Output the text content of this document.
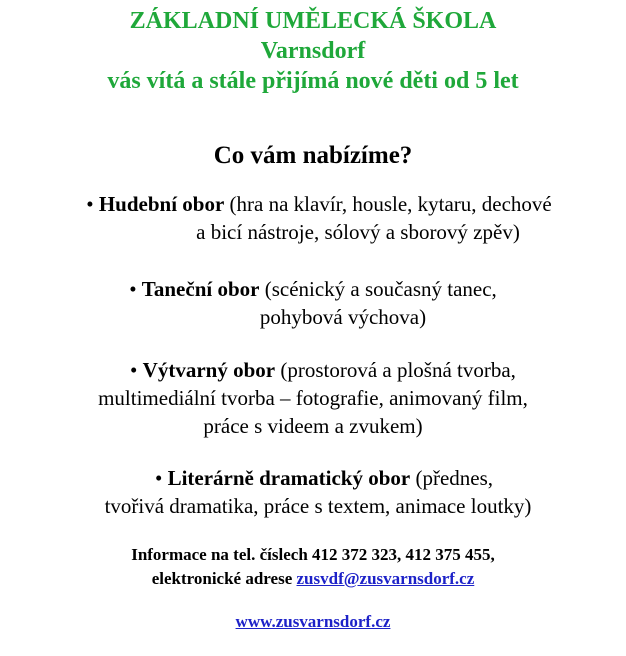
ZÁKLADNÍ UMĚLECKÁ ŠKOLA
Varnsdorf
vás vítá a stále přijímá nové děti od 5 let
Co vám nabízíme?
• Hudební obor (hra na klavír, housle, kytaru, dechové
a bicí nástroje, sólový a sborový zpěv)
• Taneční obor (scénický a současný tanec,
pohybová výchova)
• Výtvarný obor (prostorová a plošná tvorba,
multimediální tvorba – fotografie, animovaný film,
práce s videem a zvukem)
• Literárně dramatický obor (přednes,
tvořivá dramatika, práce s textem, animace loutky)
Informace na tel. číslech 412 372 323, 412 375 455,
elektronické adrese zusvdf@zusvarnsdorf.cz
www.zusvarnsdorf.cz
